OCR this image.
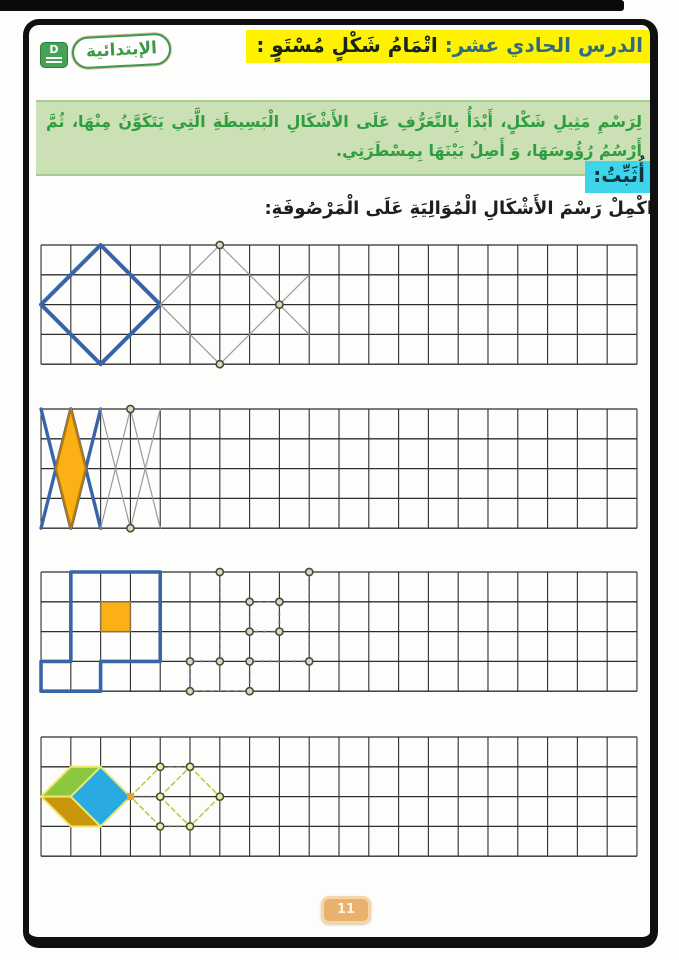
D	الإبتدائية	الدرس الحادي عشر: اتْمَامُ شَكْلٍ مُسْتَوٍ :

لِرَسْمِ مَثِيلِ شَكْلٍ، أَبْدَأُ بِالتَّعَرُّفِ عَلَى الأَشْكَالِ الْبَسِيطَةِ الَّتِي يَتَكَوَّنُ مِنْهَا، ثُمَّ أَرْسُمُ رُؤُوسَهَا، وَ أَصِلُ بَيْنَهَا بِمِسْطَرَتِي.

أُثَبِّتُ:

اكْمِلْ رَسْمَ الأَشْكَالِ الْمُوَالِيَةِ عَلَى الْمَرْصُوفَةِ:

11
